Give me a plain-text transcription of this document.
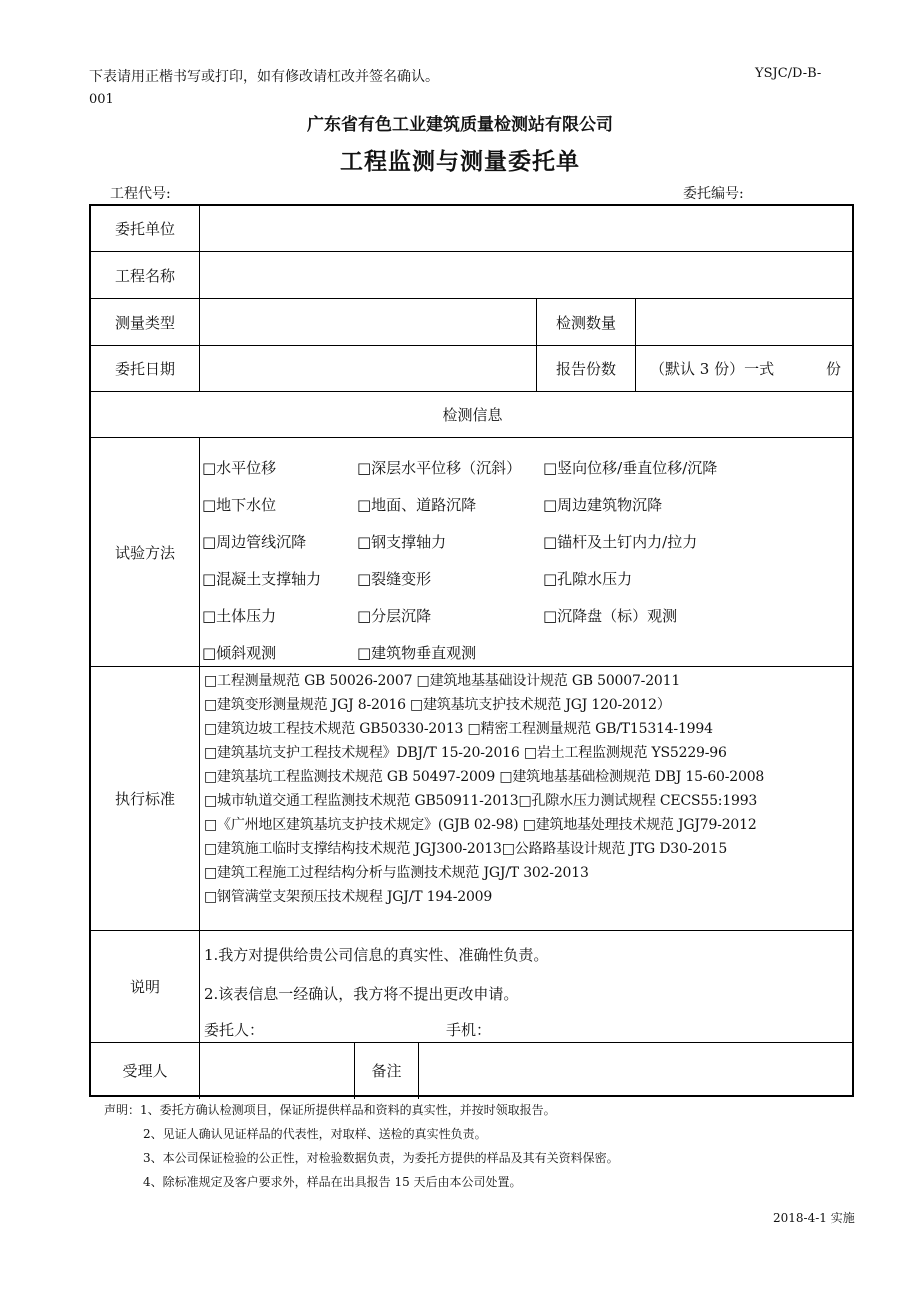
下表请用正楷书写或打印，如有修改请杠改并签名确认。	YSJC/D-B-
001
广东省有色工业建筑质量检测站有限公司
工程监测与测量委托单
工程代号:	委托编号:
委托单位
工程名称
测量类型	检测数量
委托日期	报告份数	（默认 3 份）一式	份
检测信息
试验方法
□水平位移	□深层水平位移（沉斜） □竖向位移/垂直位移/沉降
□地下水位	□地面、道路沉降	□周边建筑物沉降
□周边管线沉降	□钢支撑轴力	□锚杆及土钉内力/拉力
□混凝土支撑轴力 □裂缝变形	□孔隙水压力
□土体压力	□分层沉降	□沉降盘（标）观测
□倾斜观测	□建筑物垂直观测
执行标准
□工程测量规范 GB 50026-2007 □建筑地基基础设计规范 GB 50007-2011
□建筑变形测量规范 JGJ 8-2016 □建筑基坑支护技术规范 JGJ 120-2012）
□建筑边坡工程技术规范 GB50330-2013 □精密工程测量规范 GB/T15314-1994
□建筑基坑支护工程技术规程》DBJ/T 15-20-2016 □岩土工程监测规范 YS5229-96
□建筑基坑工程监测技术规范 GB 50497-2009 □建筑地基基础检测规范 DBJ 15-60-2008
□城市轨道交通工程监测技术规范 GB50911-2013□孔隙水压力测试规程 CECS55:1993
□《广州地区建筑基坑支护技术规定》(GJB 02-98) □建筑地基处理技术规范 JGJ79-2012
□建筑施工临时支撑结构技术规范 JGJ300-2013□公路路基设计规范 JTG D30-2015
□建筑工程施工过程结构分析与监测技术规范 JGJ/T 302-2013
□钢管满堂支架预压技术规程 JGJ/T 194-2009
说明
1.我方对提供给贵公司信息的真实性、准确性负责。
2.该表信息一经确认，我方将不提出更改申请。
委托人：	手机：
受理人	备注
声明：1、委托方确认检测项目，保证所提供样品和资料的真实性，并按时领取报告。
2、见证人确认见证样品的代表性，对取样、送检的真实性负责。
3、本公司保证检验的公正性，对检验数据负责，为委托方提供的样品及其有关资料保密。
4、除标准规定及客户要求外，样品在出具报告 15 天后由本公司处置。
2018-4-1 实施
